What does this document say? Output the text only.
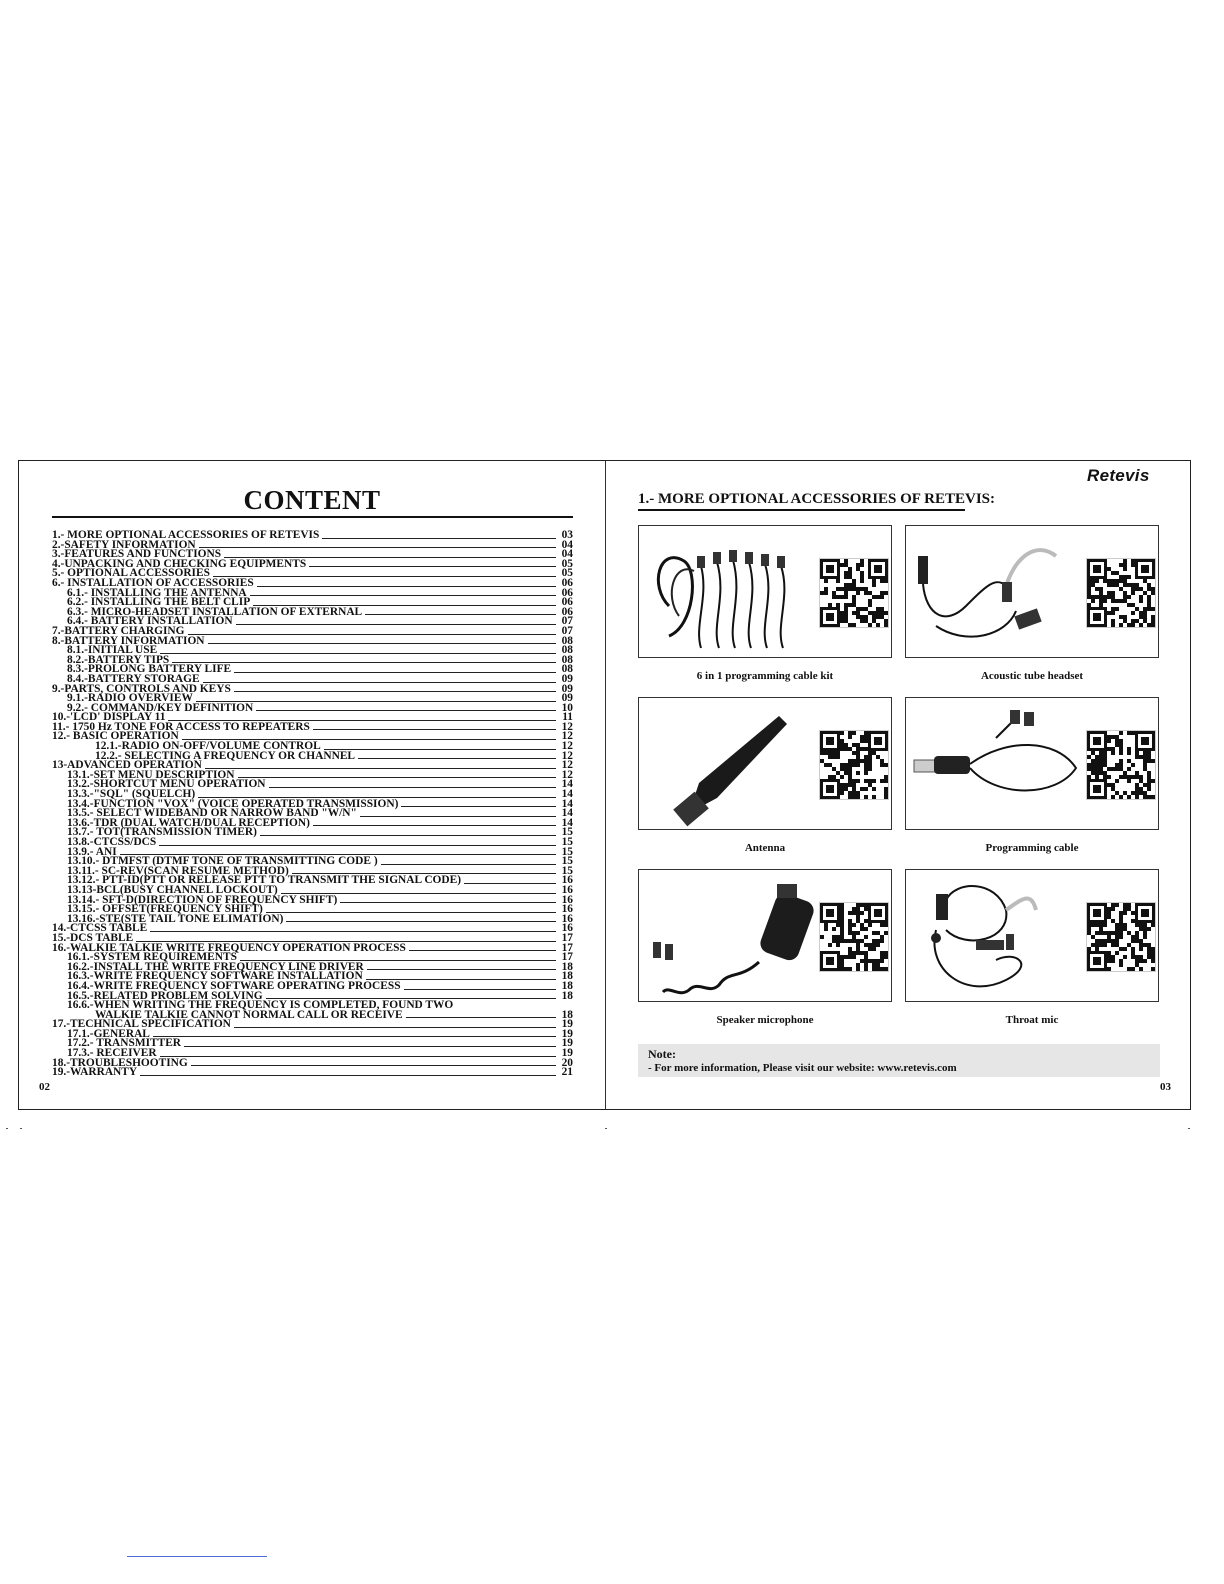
CONTENT
1.- MORE OPTIONAL ACCESSORIES OF RETEVIS	03
2.-SAFETY INFORMATION	04
3.-FEATURES AND FUNCTIONS	04
4.-UNPACKING AND CHECKING EQUIPMENTS	05
5.- OPTIONAL ACCESSORIES	05
6.- INSTALLATION OF ACCESSORIES	06
6.1.- INSTALLING THE ANTENNA	06
6.2.- INSTALLING THE BELT CLIP	06
6.3.- MICRO-HEADSET INSTALLATION OF EXTERNAL	06
6.4.- BATTERY INSTALLATION	07
7.-BATTERY CHARGING	07
8.-BATTERY INFORMATION	08
8.1.-INITIAL USE	08
8.2.-BATTERY TIPS	08
8.3.-PROLONG BATTERY LIFE	08
8.4.-BATTERY STORAGE	09
9.-PARTS, CONTROLS AND KEYS	09
9.1.-RADIO OVERVIEW	09
9.2.- COMMAND/KEY DEFINITION	10
10.-'LCD' DISPLAY 11	11
11.- 1750 Hz TONE FOR ACCESS TO REPEATERS	12
12.- BASIC OPERATION	12
12.1.-RADIO ON-OFF/VOLUME CONTROL	12
12.2.- SELECTING A FREQUENCY OR CHANNEL	12
13-ADVANCED OPERATION	12
13.1.-SET MENU DESCRIPTION	12
13.2.-SHORTCUT MENU OPERATION	14
13.3.-"SQL" (SQUELCH)	14
13.4.-FUNCTION "VOX" (VOICE OPERATED TRANSMISSION)	14
13.5.- SELECT WIDEBAND OR NARROW BAND "W/N"	14
13.6.-TDR (DUAL WATCH/DUAL RECEPTION)	14
13.7.- TOT(TRANSMISSION TIMER)	15
13.8.-CTCSS/DCS	15
13.9.- ANI	15
13.10.- DTMFST (DTMF TONE OF TRANSMITTING CODE )	15
13.11.- SC-REV(SCAN RESUME METHOD)	15
13.12.- PTT-ID(PTT OR RELEASE PTT TO TRANSMIT THE SIGNAL CODE)	16
13.13-BCL(BUSY CHANNEL LOCKOUT)	16
13.14.- SFT-D(DIRECTION OF FREQUENCY SHIFT)	16
13.15.- OFFSET(FREQUENCY SHIFT)	16
13.16.-STE(STE TAIL TONE ELIMATION)	16
14.-CTCSS TABLE	16
15.-DCS TABLE	17
16.-WALKIE TALKIE WRITE FREQUENCY OPERATION PROCESS	17
16.1.-SYSTEM REQUIREMENTS	17
16.2.-INSTALL THE WRITE FREQUENCY LINE DRIVER	18
16.3.-WRITE FREQUENCY SOFTWARE INSTALLATION	18
16.4.-WRITE FREQUENCY SOFTWARE OPERATING PROCESS	18
16.5.-RELATED PROBLEM SOLVING	18
16.6.-WHEN WRITING THE FREQUENCY IS COMPLETED, FOUND TWO
WALKIE TALKIE CANNOT NORMAL CALL OR RECEIVE	18
17.-TECHNICAL SPECIFICATION	19
17.1.-GENERAL	19
17.2.- TRANSMITTER	19
17.3.- RECEIVER	19
18.-TROUBLESHOOTING	20
19.-WARRANTY	21
02
Retevis
1.- MORE OPTIONAL ACCESSORIES OF RETEVIS:
6 in 1 programming cable kit	Acoustic tube headset
Antenna	Programming cable
Speaker microphone	Throat mic
Note:
- For more information, Please visit our website: www.retevis.com
03
